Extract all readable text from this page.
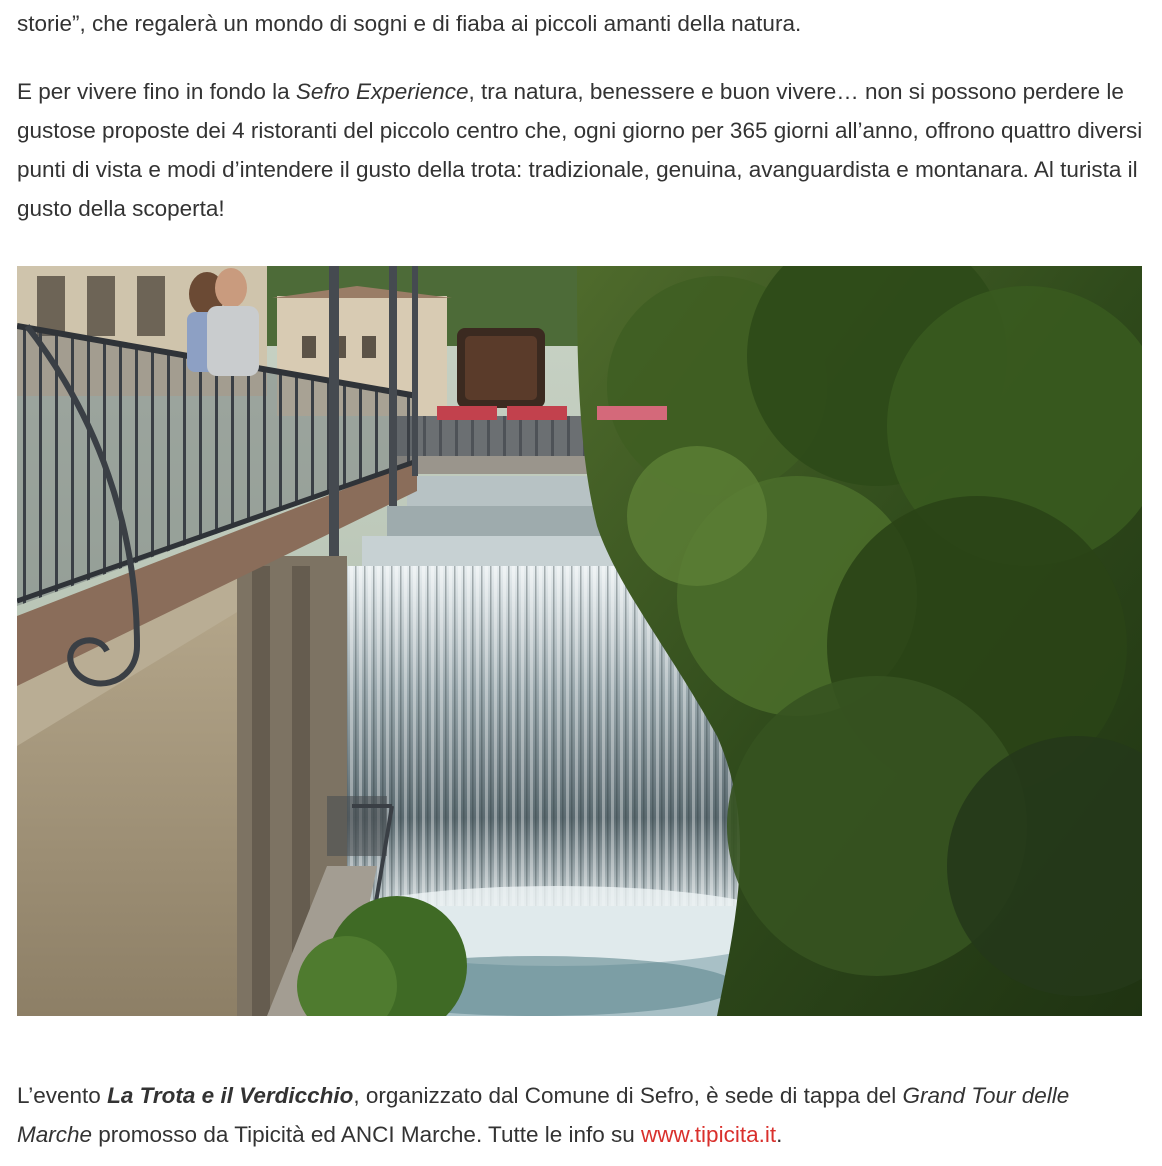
storie”, che regalerà un mondo di sogni e di fiaba ai piccoli amanti della natura.

E per vivere fino in fondo la Sefro Experience, tra natura, benessere e buon vivere… non si possono perdere le gustose proposte dei 4 ristoranti del piccolo centro che, ogni giorno per 365 giorni all’anno, offrono quattro diversi punti di vista e modi d’intendere il gusto della trota: tradizionale, genuina, avanguardista e montanara. Al turista il gusto della scoperta!

L’evento La Trota e il Verdicchio, organizzato dal Comune di Sefro, è sede di tappa del Grand Tour delle Marche promosso da Tipicità ed ANCI Marche. Tutte le info su www.tipicita.it.
